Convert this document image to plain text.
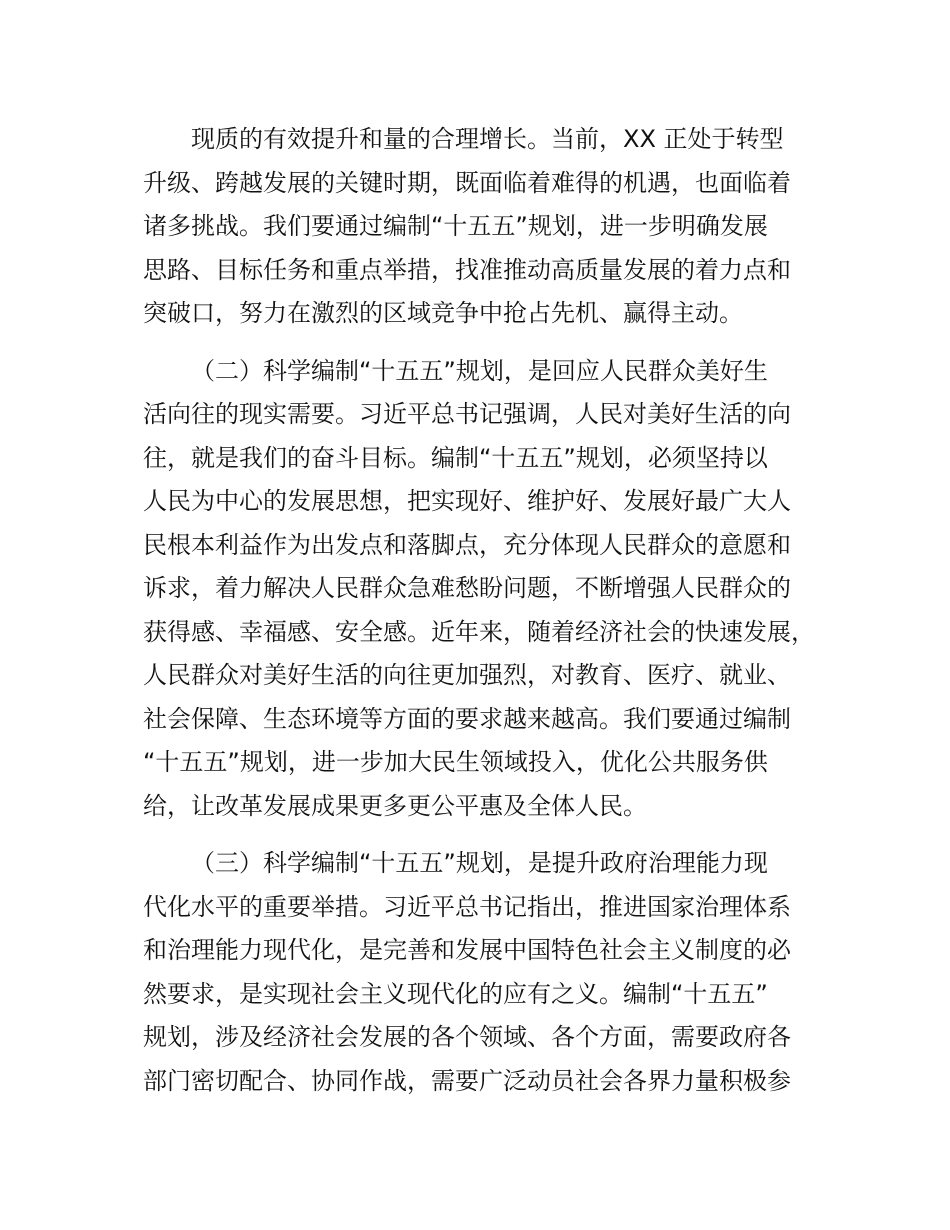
现质的有效提升和量的合理增长。当前，XX 正处于转型
升级、跨越发展的关键时期，既面临着难得的机遇，也面临着
诸多挑战。我们要通过编制“十五五”规划，进一步明确发展
思路、目标任务和重点举措，找准推动高质量发展的着力点和
突破口，努力在激烈的区域竞争中抢占先机、赢得主动。
（二）科学编制“十五五”规划，是回应人民群众美好生
活向往的现实需要。习近平总书记强调，人民对美好生活的向
往，就是我们的奋斗目标。编制“十五五”规划，必须坚持以
人民为中心的发展思想，把实现好、维护好、发展好最广大人
民根本利益作为出发点和落脚点，充分体现人民群众的意愿和
诉求，着力解决人民群众急难愁盼问题，不断增强人民群众的
获得感、幸福感、安全感。近年来，随着经济社会的快速发展，
人民群众对美好生活的向往更加强烈，对教育、医疗、就业、
社会保障、生态环境等方面的要求越来越高。我们要通过编制
“十五五”规划，进一步加大民生领域投入，优化公共服务供
给，让改革发展成果更多更公平惠及全体人民。
（三）科学编制“十五五”规划，是提升政府治理能力现
代化水平的重要举措。习近平总书记指出，推进国家治理体系
和治理能力现代化，是完善和发展中国特色社会主义制度的必
然要求，是实现社会主义现代化的应有之义。编制“十五五”
规划，涉及经济社会发展的各个领域、各个方面，需要政府各
部门密切配合、协同作战，需要广泛动员社会各界力量积极参
